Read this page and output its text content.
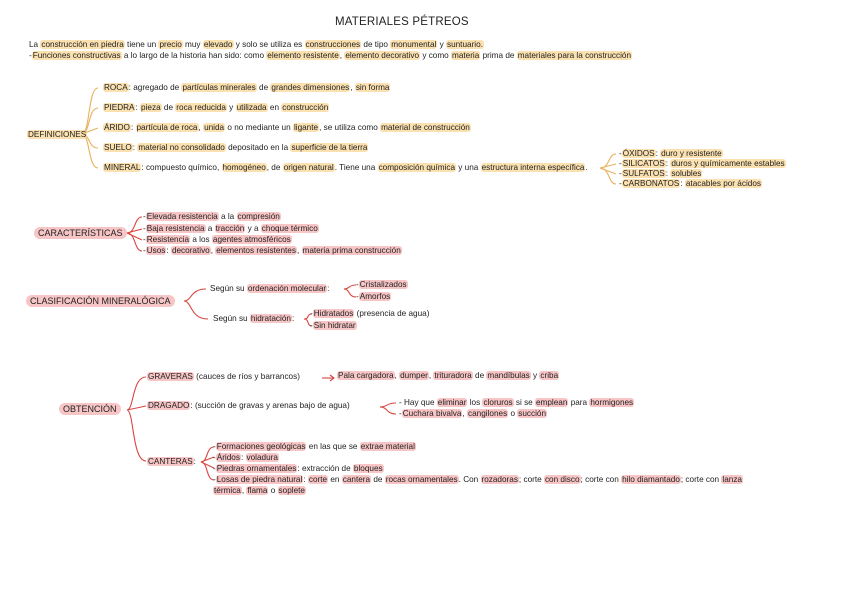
MATERIALES PÉTREOS
La construcción en piedra tiene un precio muy elevado y solo se utiliza es construcciones de tipo monumental y suntuario.
-Funciones constructivas a lo largo de la historia han sido: como elemento resistente, elemento decorativo y como materia prima de materiales para la construcción
DEFINICIONES
ROCA: agregado de partículas minerales de grandes dimensiones, sin forma
PIEDRA: pieza de roca reducida y utilizada en construcción
ÁRIDO: partícula de roca, unida o no mediante un ligante, se utiliza como material de construcción
SUELO: material no consolidado depositado en la superficie de la tierra
MINERAL: compuesto químico, homogéneo, de origen natural. Tiene una composición química y una estructura interna específica.
-ÓXIDOS: duro y resistente
-SILICATOS: duros y químicamente estables
-SULFATOS: solubles
-CARBONATOS: atacables por ácidos
CARACTERÍSTICAS
-Elevada resistencia a la compresión
-Baja resistencia a tracción y a choque térmico
-Resistencia a los agentes atmosféricos
-Usos: decorativo, elementos resistentes, materia prima construcción
CLASIFICACIÓN MINERALÓGICA
Según su ordenación molecular:	-Cristalizados
-Amorfos
Según su hidratación:
-Hidratados (presencia de agua)
-Sin hidratar
OBTENCIÓN
GRAVERAS (cauces de ríos y barrancos)	Pala cargadora, dumper, trituradora de mandíbulas y criba
DRAGADO: (succión de gravas y arenas bajo de agua)	- Hay que eliminar los cloruros si se emplean para hormigones
-Cuchara bivalva, cangilones o succión
CANTERAS:
-Formaciones geológicas en las que se extrae material
-Áridos: voladura
-Piedras ornamentales: extracción de bloques
-Losas de piedra natural: corte en cantera de rocas ornamentales. Con rozadoras; corte con disco; corte con hilo diamantado; corte con lanza
térmica, flama o soplete
